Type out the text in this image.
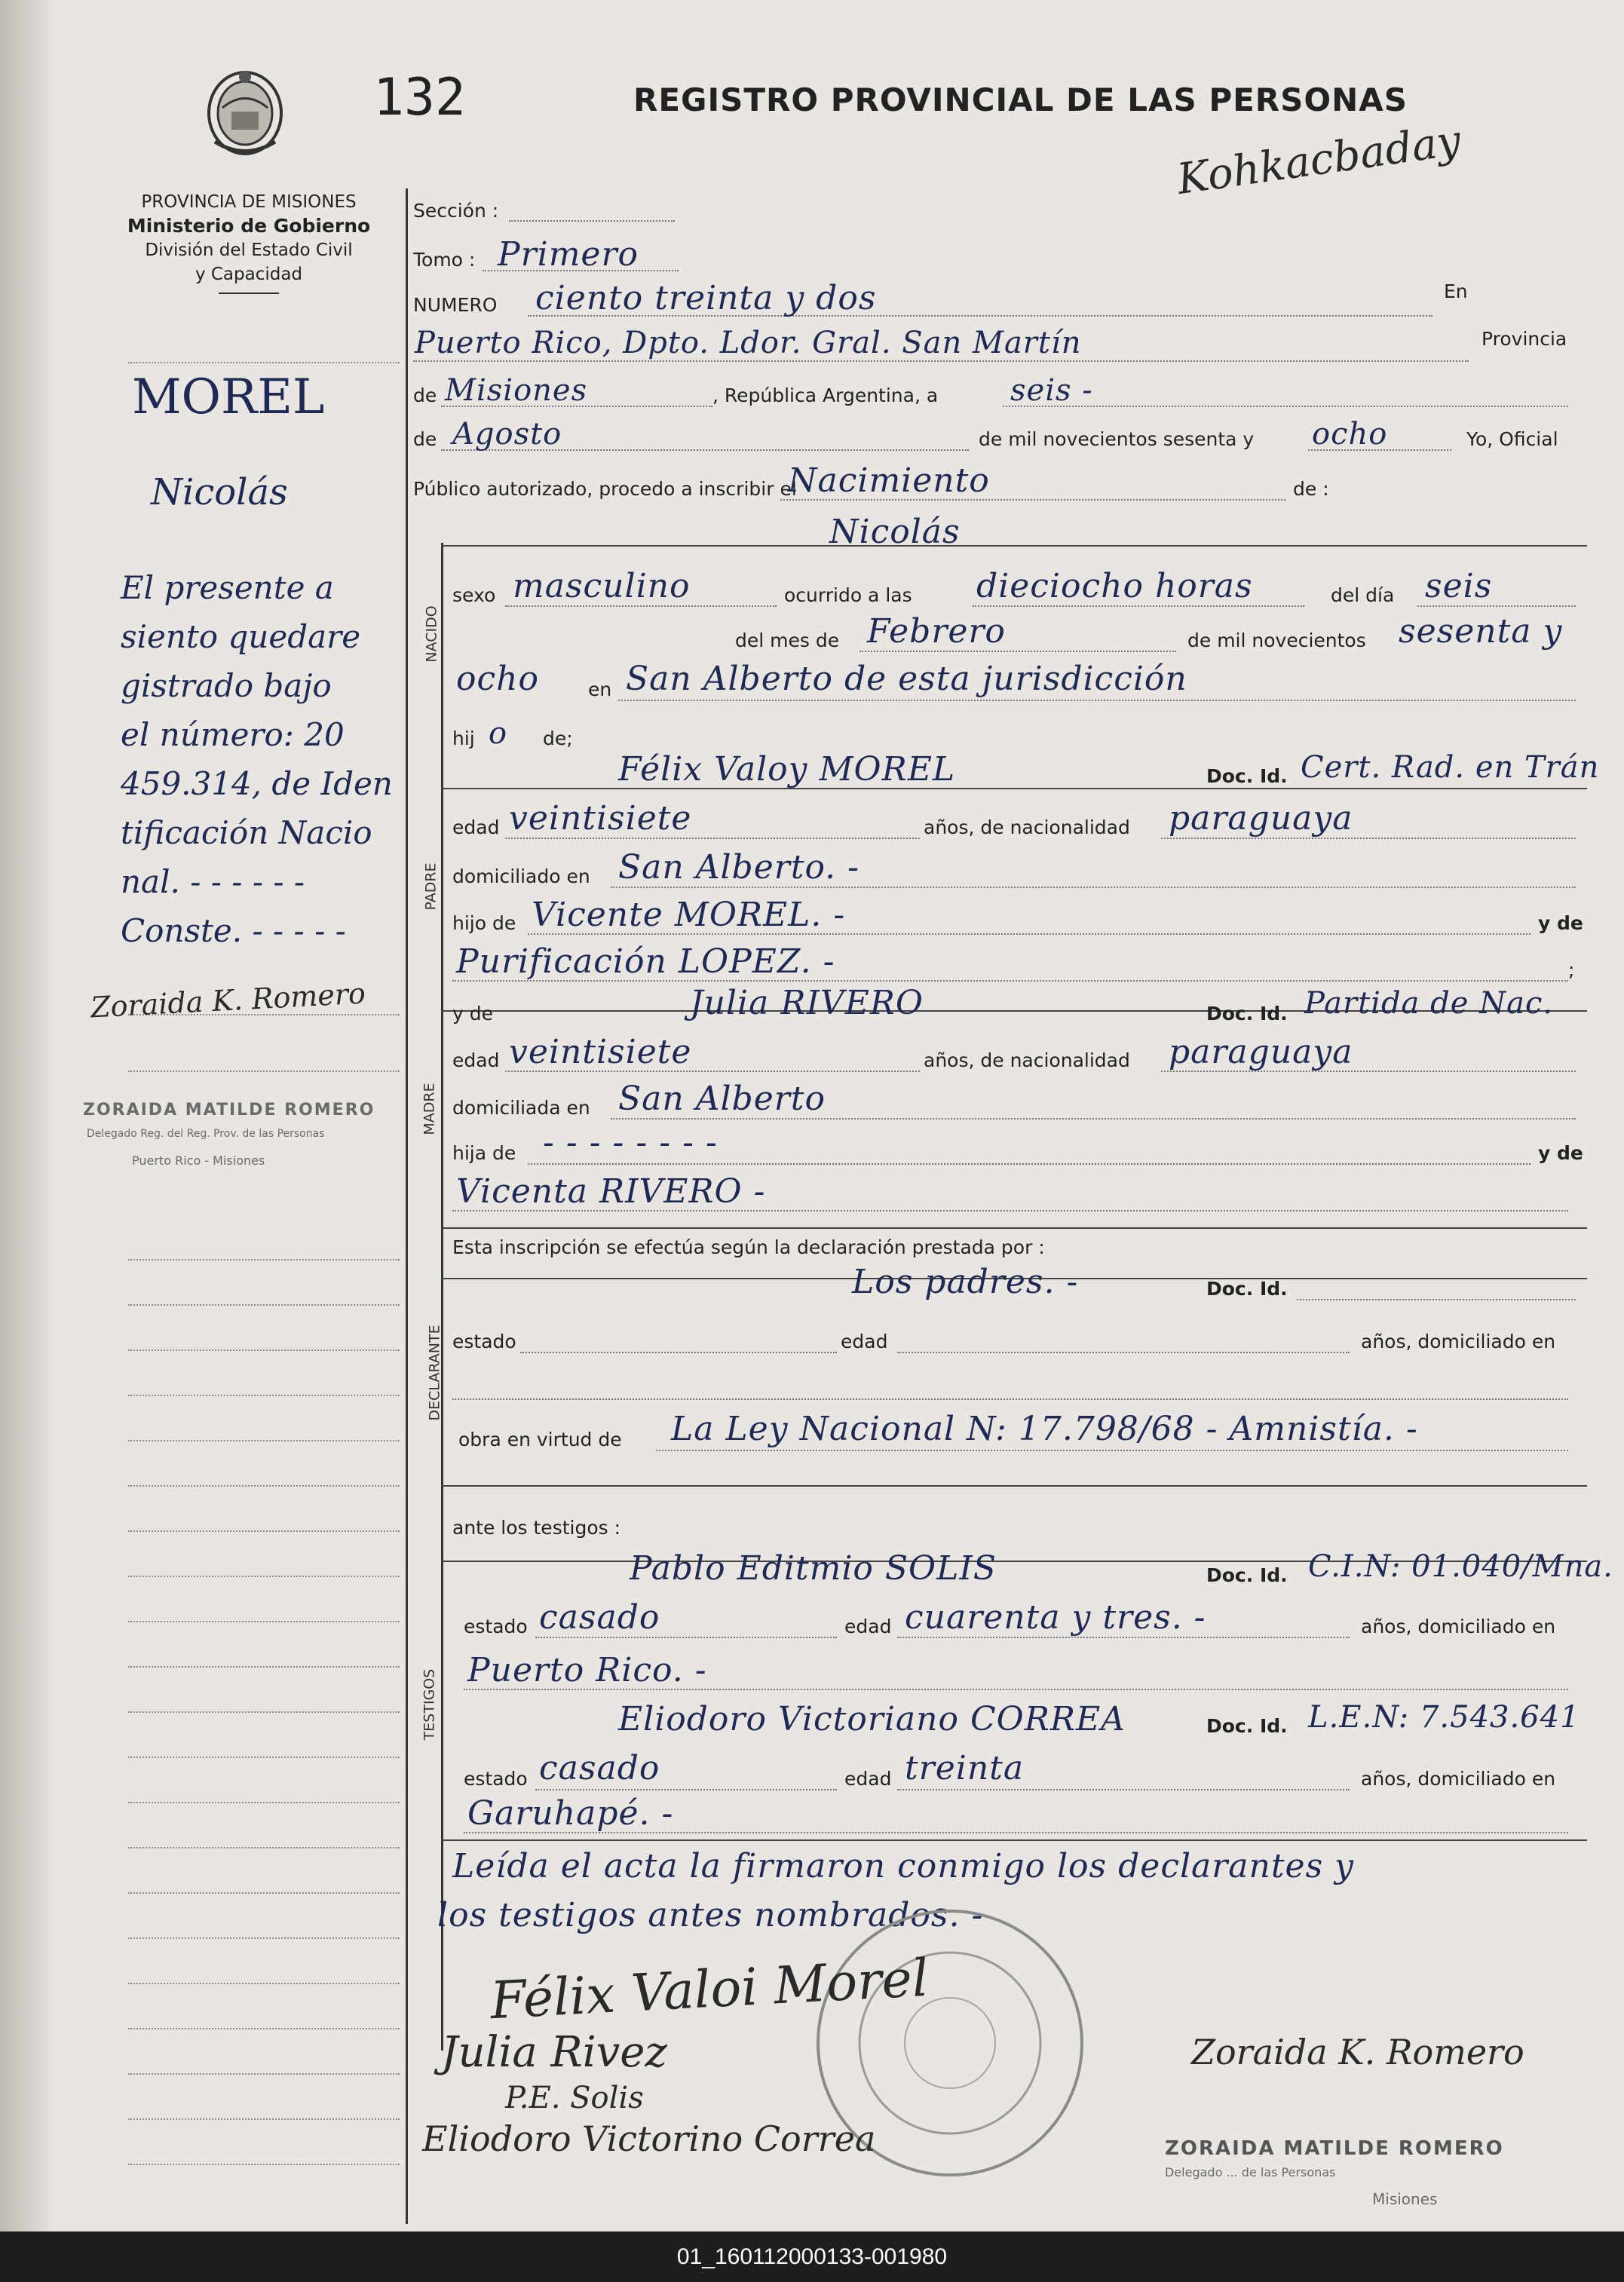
132	REGISTRO PROVINCIAL DE LAS PERSONAS
Kohkacbaday
PROVINCIA DE MISIONES
Ministerio de Gobierno
División del Estado Civil
y Capacidad
MOREL
Nicolás
El presente a
siento quedare
gistrado bajo
el número: 20
459.314, de Iden
tificación Nacio
nal. - - - - - -
Conste. - - - - -
Zoraida K. Romero
ZORAIDA MATILDE ROMERO
Delegado Reg. del Reg. Prov. de las Personas
Puerto Rico - Misiones
NACIDO
PADRE
MADRE
DECLARANTE
TESTIGOS
Sección :
Tomo : Primero
NUMERO ciento treinta y dos	En
Puerto Rico, Dpto. Ldor. Gral. San Martín	Provincia
de Misiones	, República Argentina, a seis -
de Agosto	de mil novecientos sesenta y ocho	Yo, Oficial
Público autorizado, procedo a inscribir el
Nacimiento	de :
Nicolás
sexo masculino	ocurrido a las dieciocho horas	del día seis
del mes de Febrero	de mil novecientos sesenta y
ocho	en San Alberto de esta jurisdicción
hij o de;
Félix Valoy MOREL	Doc. Id. Cert. Rad. en Trán
edad veintisiete	años, de nacionalidad paraguaya
domiciliado en San Alberto. -
hijo de Vicente MOREL. -	y de
Purificación LOPEZ. -	;
y de	Julia RIVERO	Doc. Id. Partida de Nac.
edad veintisiete	años, de nacionalidad paraguaya
domiciliada en San Alberto
hija de - - - - - - - -	y de
Vicenta RIVERO -
Esta inscripción se efectúa según la declaración prestada por :
Los padres. -	Doc. Id.
estado	edad	años, domiciliado en
obra en virtud de La Ley Nacional N: 17.798/68 - Amnistía. -
ante los testigos :
Pablo Editmio SOLIS	Doc. Id. C.I.N: 01.040/Mna.
estado casado	edad cuarenta y tres. -	años, domiciliado en
Puerto Rico. -
Eliodoro Victoriano CORREA	Doc. Id. L.E.N: 7.543.641
estado casado	edad treinta	años, domiciliado en
Garuhapé. -
Leída el acta la firmaron conmigo los declarantes y
los testigos antes nombrados. -
Félix Valoi Morel
Julia Rivez
P.E. Solis
Eliodoro Victorino Correa
Zoraida K. Romero
ZORAIDA MATILDE ROMERO
Delegado ... de las Personas
Misiones
01_160112000133-001980
